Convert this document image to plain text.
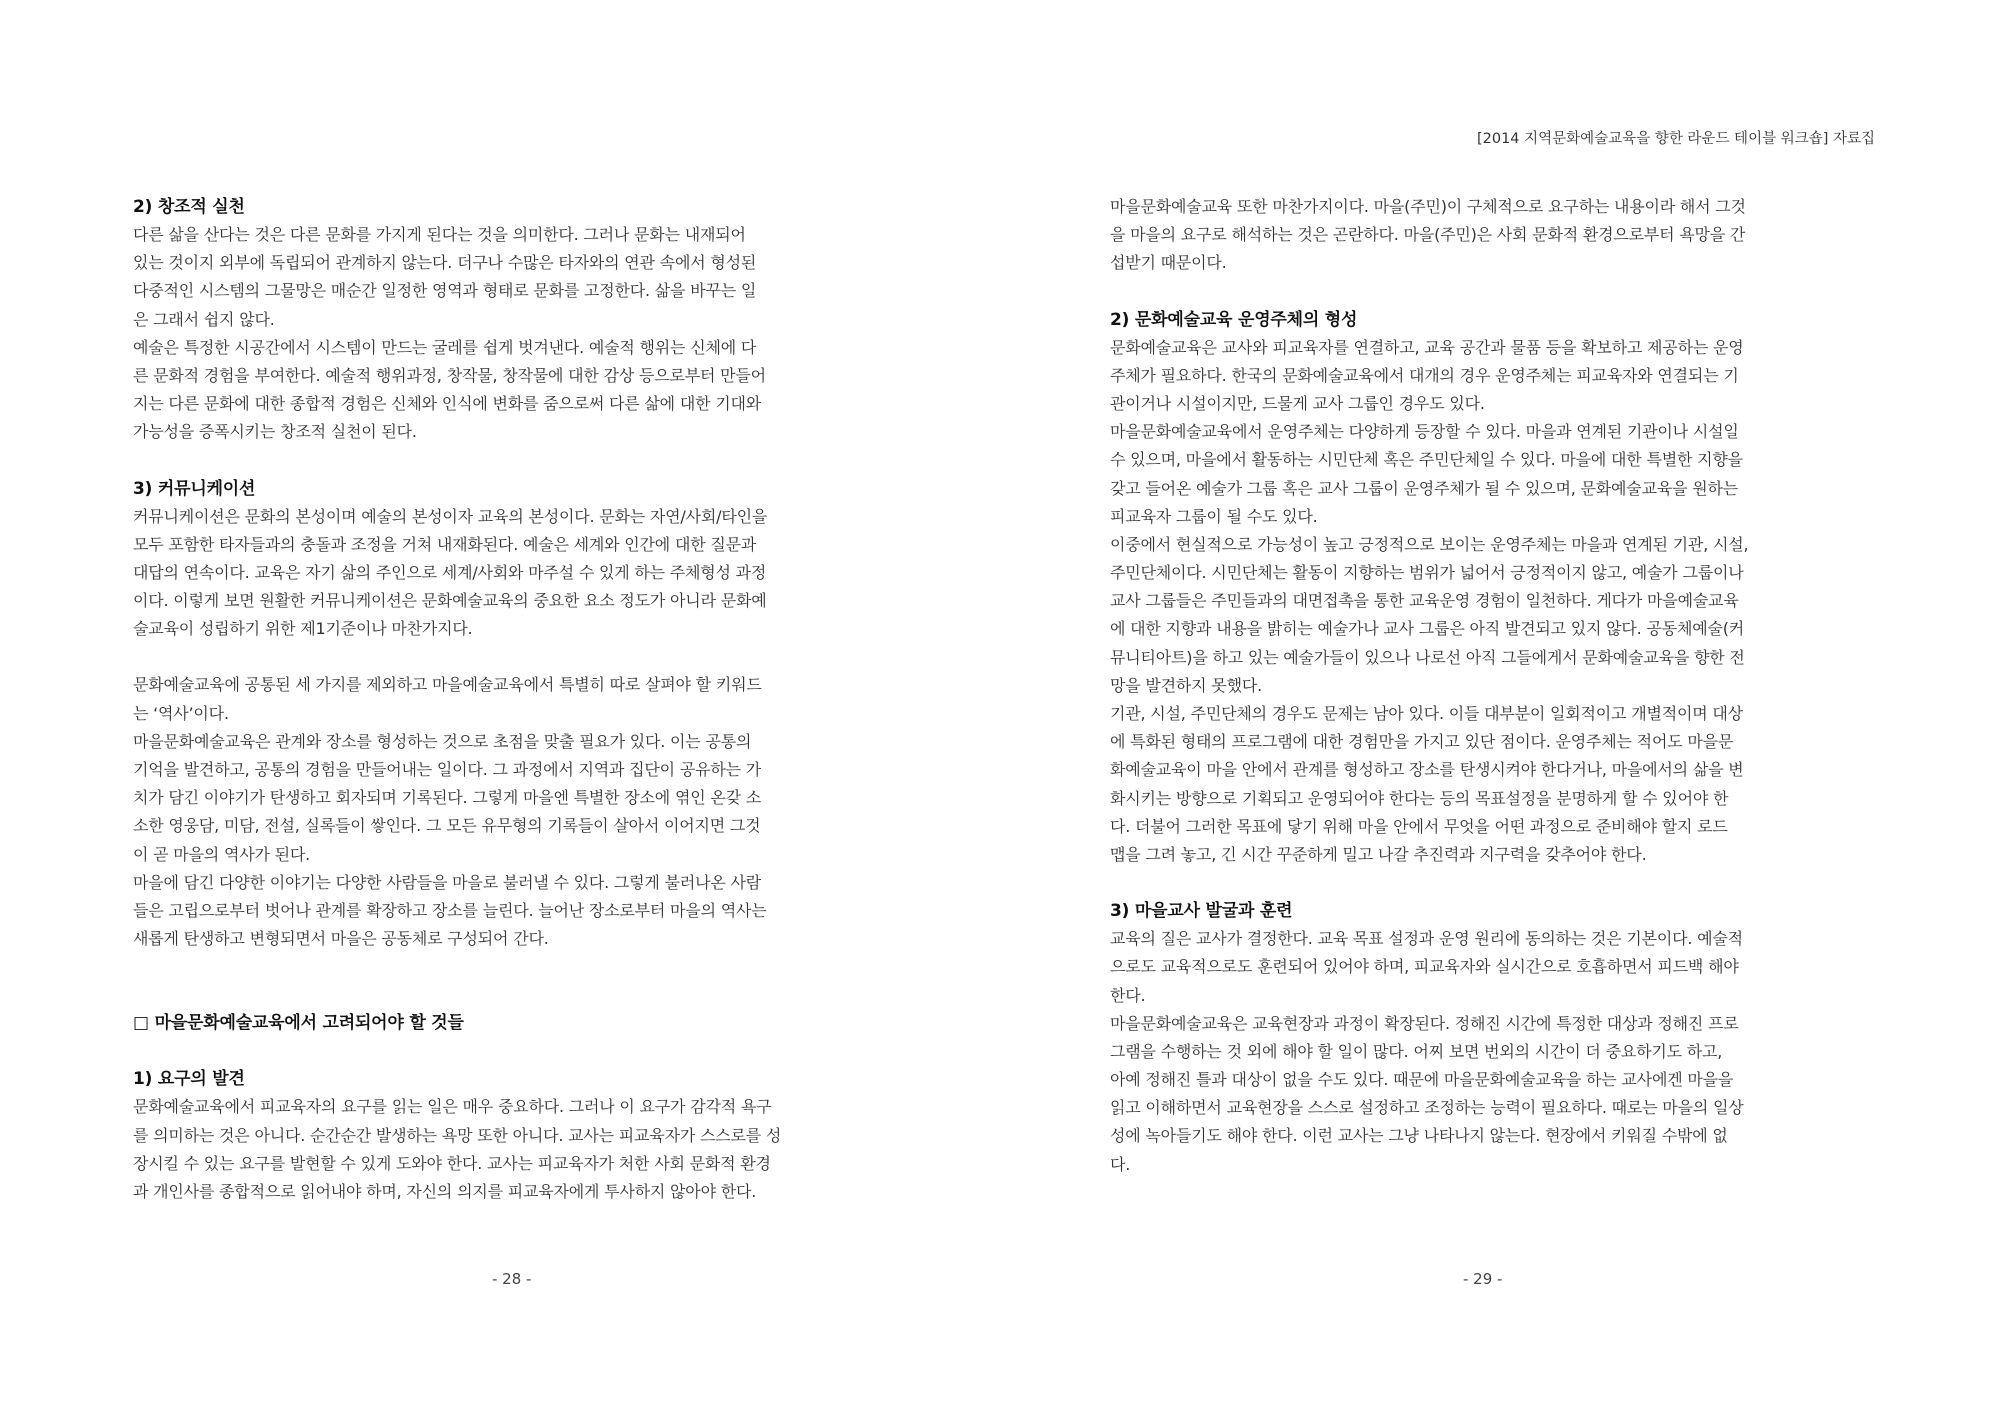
2) 창조적 실천
다른 삶을 산다는 것은 다른 문화를 가지게 된다는 것을 의미한다. 그러나 문화는 내재되어
있는 것이지 외부에 독립되어 관계하지 않는다. 더구나 수많은 타자와의 연관 속에서 형성된
다중적인 시스템의 그물망은 매순간 일정한 영역과 형태로 문화를 고정한다. 삶을 바꾸는 일
은 그래서 쉽지 않다.
예술은 특정한 시공간에서 시스템이 만드는 굴레를 쉽게 벗겨낸다. 예술적 행위는 신체에 다
른 문화적 경험을 부여한다. 예술적 행위과정, 창작물, 창작물에 대한 감상 등으로부터 만들어
지는 다른 문화에 대한 종합적 경험은 신체와 인식에 변화를 줌으로써 다른 삶에 대한 기대와
가능성을 증폭시키는 창조적 실천이 된다.
3) 커뮤니케이션
커뮤니케이션은 문화의 본성이며 예술의 본성이자 교육의 본성이다. 문화는 자연/사회/타인을
모두 포함한 타자들과의 충돌과 조정을 거쳐 내재화된다. 예술은 세계와 인간에 대한 질문과
대답의 연속이다. 교육은 자기 삶의 주인으로 세계/사회와 마주설 수 있게 하는 주체형성 과정
이다. 이렇게 보면 원활한 커뮤니케이션은 문화예술교육의 중요한 요소 정도가 아니라 문화예
술교육이 성립하기 위한 제1기준이나 마찬가지다.
문화예술교육에 공통된 세 가지를 제외하고 마을예술교육에서 특별히 따로 살펴야 할 키워드
는 ‘역사’이다.
마을문화예술교육은 관계와 장소를 형성하는 것으로 초점을 맞출 필요가 있다. 이는 공통의
기억을 발견하고, 공통의 경험을 만들어내는 일이다. 그 과정에서 지역과 집단이 공유하는 가
치가 담긴 이야기가 탄생하고 회자되며 기록된다. 그렇게 마을엔 특별한 장소에 엮인 온갖 소
소한 영웅담, 미담, 전설, 실록들이 쌓인다. 그 모든 유무형의 기록들이 살아서 이어지면 그것
이 곧 마을의 역사가 된다.
마을에 담긴 다양한 이야기는 다양한 사람들을 마을로 불러낼 수 있다. 그렇게 불러나온 사람
들은 고립으로부터 벗어나 관계를 확장하고 장소를 늘린다. 늘어난 장소로부터 마을의 역사는
새롭게 탄생하고 변형되면서 마을은 공동체로 구성되어 간다.
□ 마을문화예술교육에서 고려되어야 할 것들
1) 요구의 발견
문화예술교육에서 피교육자의 요구를 읽는 일은 매우 중요하다. 그러나 이 요구가 감각적 욕구
를 의미하는 것은 아니다. 순간순간 발생하는 욕망 또한 아니다. 교사는 피교육자가 스스로를 성
장시킬 수 있는 요구를 발현할 수 있게 도와야 한다. 교사는 피교육자가 처한 사회 문화적 환경
과 개인사를 종합적으로 읽어내야 하며, 자신의 의지를 피교육자에게 투사하지 않아야 한다.
- 28 -
[2014 지역문화예술교육을 향한 라운드 테이블 워크숍] 자료집
마을문화예술교육 또한 마찬가지이다. 마을(주민)이 구체적으로 요구하는 내용이라 해서 그것
을 마을의 요구로 해석하는 것은 곤란하다. 마을(주민)은 사회 문화적 환경으로부터 욕망을 간
섭받기 때문이다.
2) 문화예술교육 운영주체의 형성
문화예술교육은 교사와 피교육자를 연결하고, 교육 공간과 물품 등을 확보하고 제공하는 운영
주체가 필요하다. 한국의 문화예술교육에서 대개의 경우 운영주체는 피교육자와 연결되는 기
관이거나 시설이지만, 드물게 교사 그룹인 경우도 있다.
마을문화예술교육에서 운영주체는 다양하게 등장할 수 있다. 마을과 연계된 기관이나 시설일
수 있으며, 마을에서 활동하는 시민단체 혹은 주민단체일 수 있다. 마을에 대한 특별한 지향을
갖고 들어온 예술가 그룹 혹은 교사 그룹이 운영주체가 될 수 있으며, 문화예술교육을 원하는
피교육자 그룹이 될 수도 있다.
이중에서 현실적으로 가능성이 높고 긍정적으로 보이는 운영주체는 마을과 연계된 기관, 시설,
주민단체이다. 시민단체는 활동이 지향하는 범위가 넓어서 긍정적이지 않고, 예술가 그룹이나
교사 그룹들은 주민들과의 대면접촉을 통한 교육운영 경험이 일천하다. 게다가 마을예술교육
에 대한 지향과 내용을 밝히는 예술가나 교사 그룹은 아직 발견되고 있지 않다. 공동체예술(커
뮤니티아트)을 하고 있는 예술가들이 있으나 나로선 아직 그들에게서 문화예술교육을 향한 전
망을 발견하지 못했다.
기관, 시설, 주민단체의 경우도 문제는 남아 있다. 이들 대부분이 일회적이고 개별적이며 대상
에 특화된 형태의 프로그램에 대한 경험만을 가지고 있단 점이다. 운영주체는 적어도 마을문
화예술교육이 마을 안에서 관계를 형성하고 장소를 탄생시켜야 한다거나, 마을에서의 삶을 변
화시키는 방향으로 기획되고 운영되어야 한다는 등의 목표설정을 분명하게 할 수 있어야 한
다. 더불어 그러한 목표에 닿기 위해 마을 안에서 무엇을 어떤 과정으로 준비해야 할지 로드
맵을 그려 놓고, 긴 시간 꾸준하게 밀고 나갈 추진력과 지구력을 갖추어야 한다.
3) 마을교사 발굴과 훈련
교육의 질은 교사가 결정한다. 교육 목표 설정과 운영 원리에 동의하는 것은 기본이다. 예술적
으로도 교육적으로도 훈련되어 있어야 하며, 피교육자와 실시간으로 호흡하면서 피드백 해야
한다.
마을문화예술교육은 교육현장과 과정이 확장된다. 정해진 시간에 특정한 대상과 정해진 프로
그램을 수행하는 것 외에 해야 할 일이 많다. 어찌 보면 번외의 시간이 더 중요하기도 하고,
아예 정해진 틀과 대상이 없을 수도 있다. 때문에 마을문화예술교육을 하는 교사에겐 마을을
읽고 이해하면서 교육현장을 스스로 설정하고 조정하는 능력이 필요하다. 때로는 마을의 일상
성에 녹아들기도 해야 한다. 이런 교사는 그냥 나타나지 않는다. 현장에서 키워질 수밖에 없
다.
- 29 -
